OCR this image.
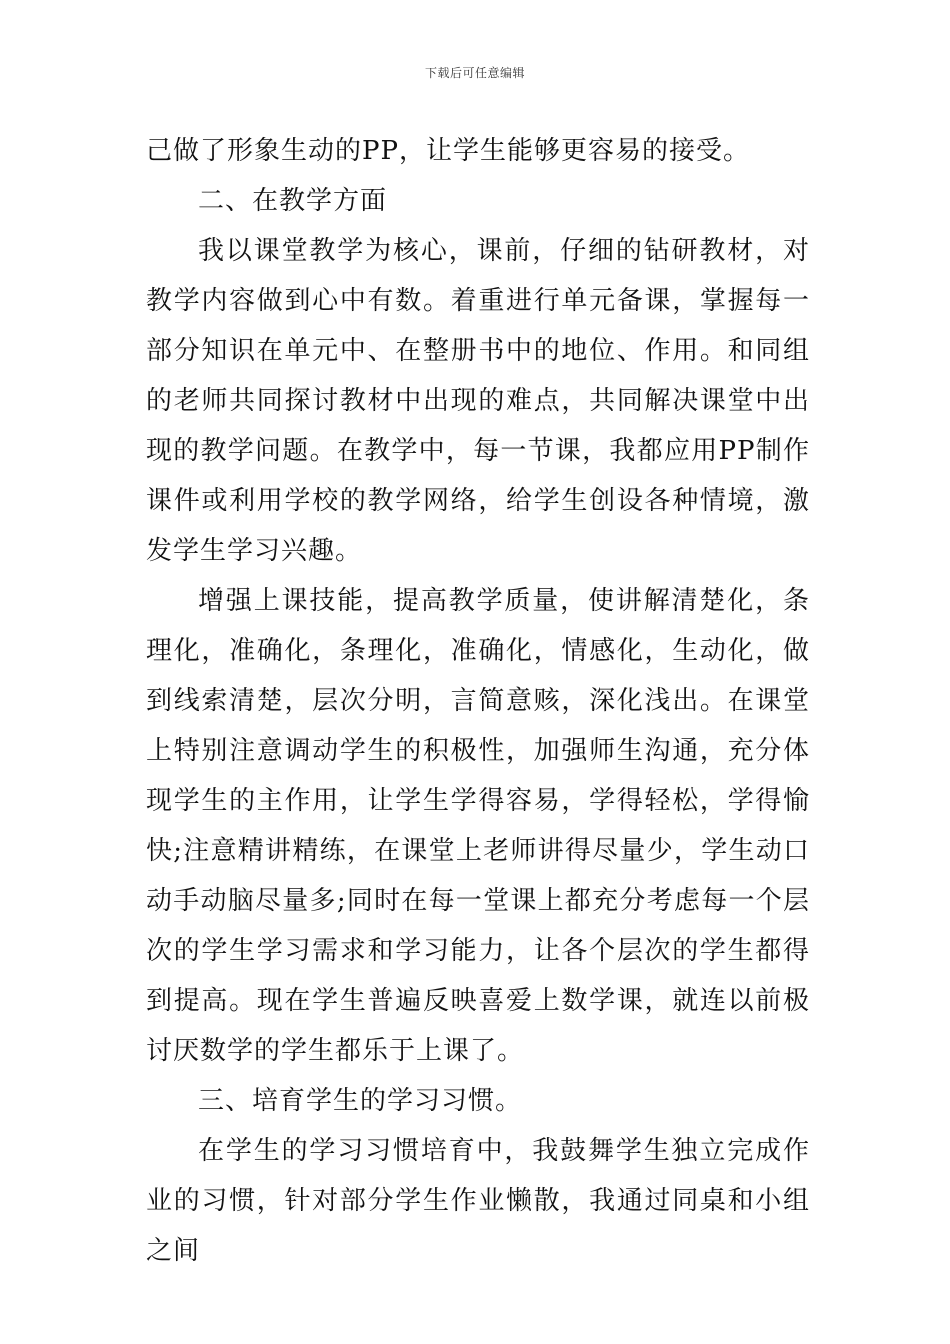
下载后可任意编辑

己做了形象生动的PP，让学生能够更容易的接受。

二、在教学方面

我以课堂教学为核心，课前，仔细的钻研教材，对教学内容做到心中有数。着重进行单元备课，掌握每一部分知识在单元中、在整册书中的地位、作用。和同组的老师共同探讨教材中出现的难点，共同解决课堂中出现的教学问题。在教学中，每一节课，我都应用PP制作课件或利用学校的教学网络，给学生创设各种情境，激发学生学习兴趣。

增强上课技能，提高教学质量，使讲解清楚化，条理化，准确化，条理化，准确化，情感化，生动化，做到线索清楚，层次分明，言简意赅，深化浅出。在课堂上特别注意调动学生的积极性，加强师生沟通，充分体现学生的主作用，让学生学得容易，学得轻松，学得愉快;注意精讲精练，在课堂上老师讲得尽量少，学生动口动手动脑尽量多;同时在每一堂课上都充分考虑每一个层次的学生学习需求和学习能力，让各个层次的学生都得到提高。现在学生普遍反映喜爱上数学课，就连以前极讨厌数学的学生都乐于上课了。

三、培育学生的学习习惯。

在学生的学习习惯培育中，我鼓舞学生独立完成作业的习惯，针对部分学生作业懒散，我通过同桌和小组之间
